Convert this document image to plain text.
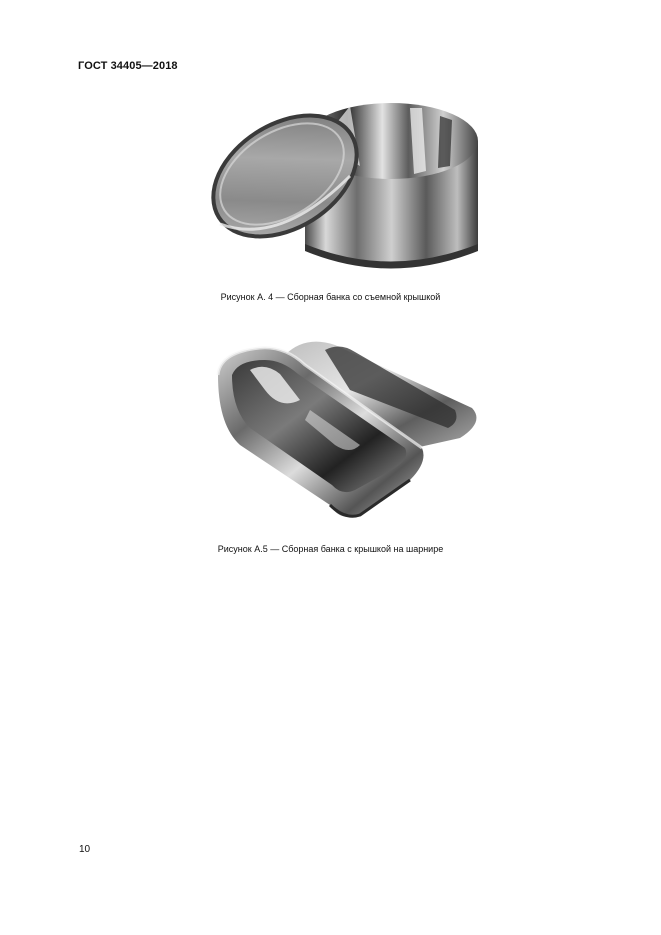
ГОСТ 34405—2018
Рисунок А. 4 — Сборная банка со съемной крышкой
Рисунок А.5 — Сборная банка с крышкой на шарнире
10
